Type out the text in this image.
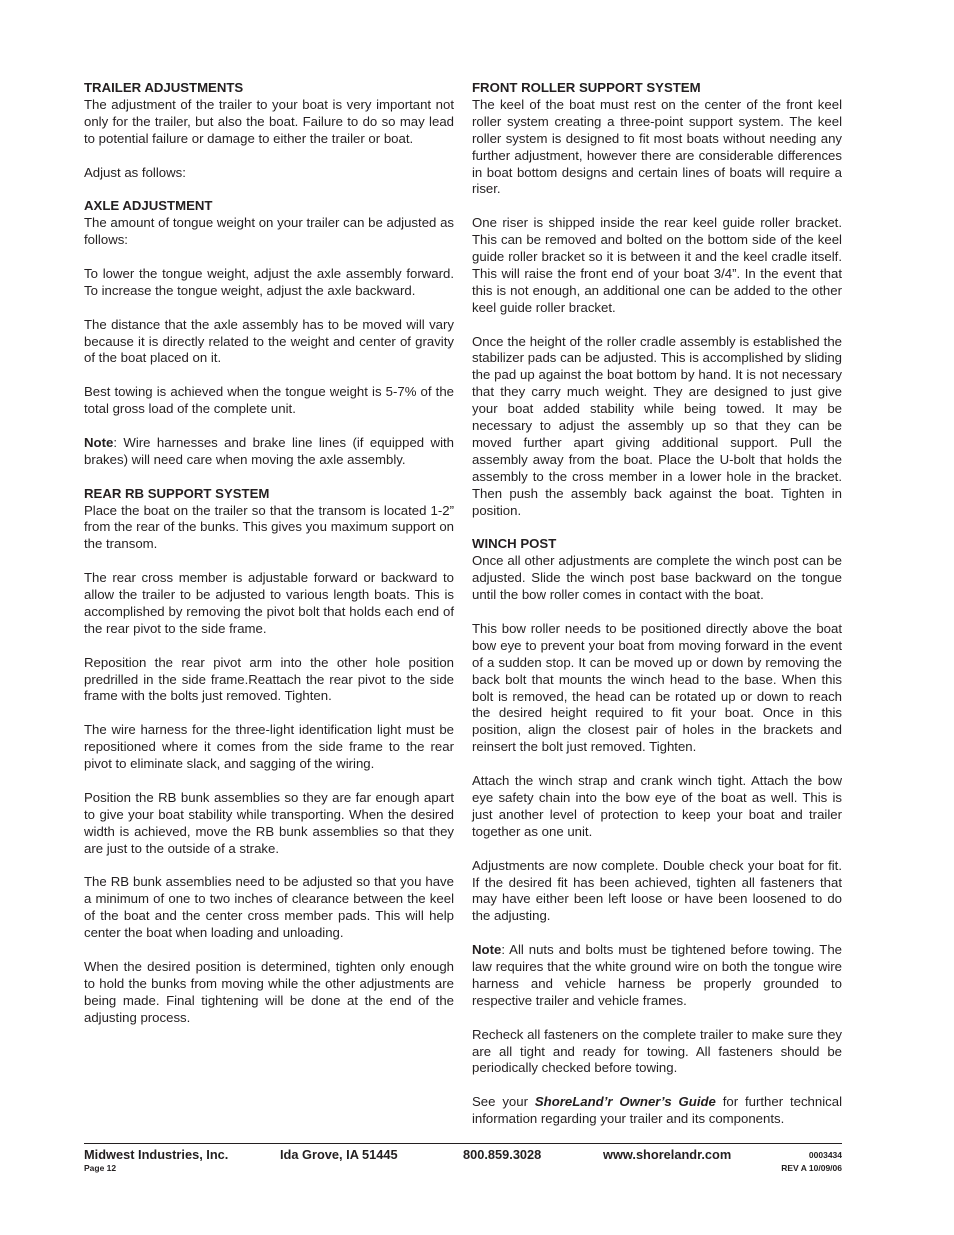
TRAILER ADJUSTMENTS

The adjustment of the trailer to your boat is very important not only for the trailer, but also the boat. Failure to do so may lead to potential failure or damage to either the trailer or boat.

Adjust as follows:

AXLE ADJUSTMENT

The amount of tongue weight on your trailer can be adjusted as follows:

To lower the tongue weight, adjust the axle assembly forward. To increase the tongue weight, adjust the axle backward.

The distance that the axle assembly has to be moved will vary because it is directly related to the weight and center of gravity of the boat placed on it.

Best towing is achieved when the tongue weight is 5-7% of the total gross load of the complete unit.

Note: Wire harnesses and brake line lines (if equipped with brakes) will need care when moving the axle assembly.

REAR RB SUPPORT SYSTEM

Place the boat on the trailer so that the transom is located 1-2” from the rear of the bunks. This gives you maximum support on the transom.

The rear cross member is adjustable forward or backward to allow the trailer to be adjusted to various length boats. This is accomplished by removing the pivot bolt that holds each end of the rear pivot to the side frame.

Reposition the rear pivot arm into the other hole position predrilled in the side frame.Reattach the rear pivot to the side frame with the bolts just removed. Tighten.

The wire harness for the three-light identification light must be repositioned where it comes from the side frame to the rear pivot to eliminate slack, and sagging of the wiring.

Position the RB bunk assemblies so they are far enough apart to give your boat stability while transporting. When the desired width is achieved, move the RB bunk assemblies so that they are just to the outside of a strake.

The RB bunk assemblies need to be adjusted so that you have a minimum of one to two inches of clearance between the keel of the boat and the center cross member pads. This will help center the boat when loading and unloading.

When the desired position is determined, tighten only enough to hold the bunks from moving while the other adjustments are being made. Final tightening will be done at the end of the adjusting process.

FRONT ROLLER SUPPORT SYSTEM

The keel of the boat must rest on the center of the front keel roller system creating a three-point support system. The keel roller system is designed to fit most boats without needing any further adjustment, however there are considerable differences in boat bottom designs and certain lines of boats will require a riser.

One riser is shipped inside the rear keel guide roller bracket. This can be removed and bolted on the bottom side of the keel guide roller bracket so it is between it and the keel cradle itself. This will raise the front end of your boat 3/4”. In the event that this is not enough, an additional one can be added to the other keel guide roller bracket.

Once the height of the roller cradle assembly is established the stabilizer pads can be adjusted. This is accomplished by sliding the pad up against the boat bottom by hand. It is not necessary that they carry much weight. They are designed to just give your boat added stability while being towed. It may be necessary to adjust the assembly up so that they can be moved further apart giving additional support. Pull the assembly away from the boat. Place the U-bolt that holds the assembly to the cross member in a lower hole in the bracket. Then push the assembly back against the boat. Tighten in position.

WINCH POST

Once all other adjustments are complete the winch post can be adjusted. Slide the winch post base backward on the tongue until the bow roller comes in contact with the boat.

This bow roller needs to be positioned directly above the boat bow eye to prevent your boat from moving forward in the event of a sudden stop. It can be moved up or down by removing the back bolt that mounts the winch head to the base. When this bolt is removed, the head can be rotated up or down to reach the desired height required to fit your boat. Once in this position, align the closest pair of holes in the brackets and reinsert the bolt just removed. Tighten.

Attach the winch strap and crank winch tight. Attach the bow eye safety chain into the bow eye of the boat as well. This is just another level of protection to keep your boat and trailer together as one unit.

Adjustments are now complete. Double check your boat for fit. If the desired fit has been achieved, tighten all fasteners that may have either been left loose or have been loosened to do the adjusting.

Note: All nuts and bolts must be tightened before towing. The law requires that the white ground wire on both the tongue wire harness and vehicle harness be properly grounded to respective trailer and vehicle frames.

Recheck all fasteners on the complete trailer to make sure they are all tight and ready for towing. All fasteners should be periodically checked before towing.

See your ShoreLand’r Owner’s Guide for further technical information regarding your trailer and its components.

Midwest Industries, Inc.	Ida Grove, IA 51445	800.859.3028	www.shorelandr.com	0003434
Page 12	REV A 10/09/06
